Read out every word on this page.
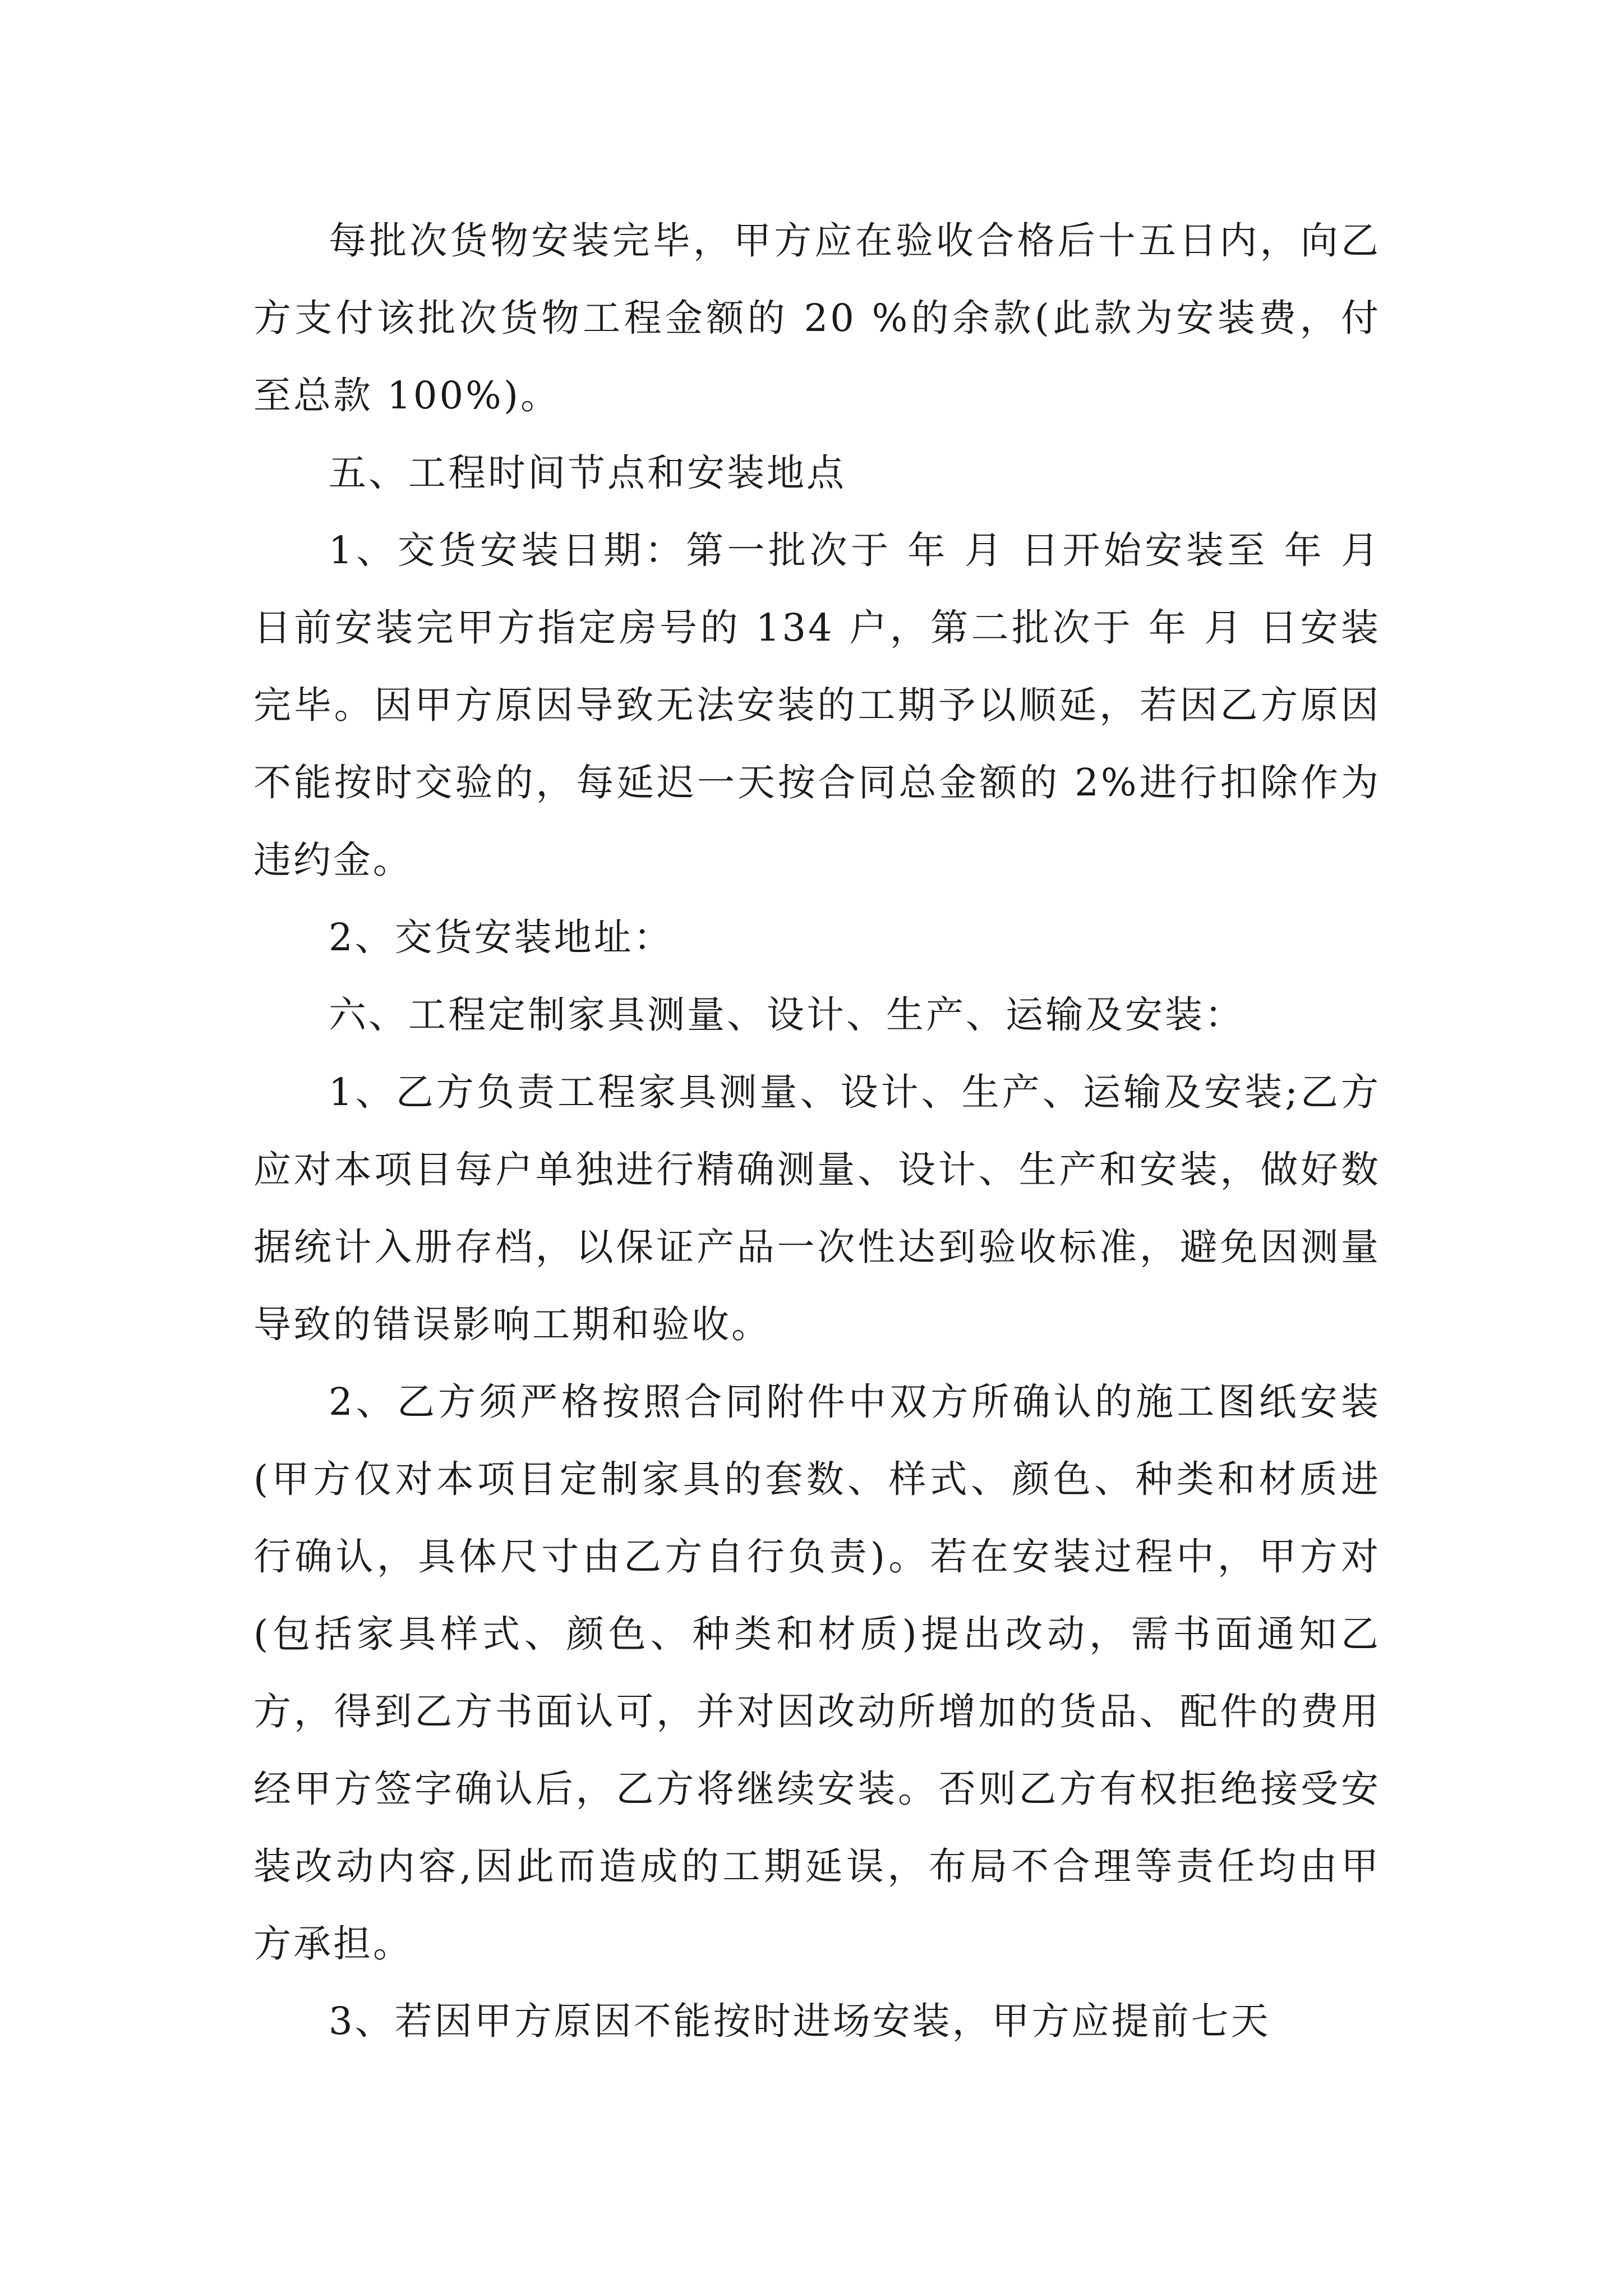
每批次货物安装完毕，甲方应在验收合格后十五日内，向乙方支付该批次货物工程金额的 20 %的余款(此款为安装费，付至总款 100%)。

五、工程时间节点和安装地点

1、交货安装日期：第一批次于 年 月 日开始安装至 年 月 日前安装完甲方指定房号的 134 户，第二批次于 年 月 日安装完毕。因甲方原因导致无法安装的工期予以顺延，若因乙方原因不能按时交验的，每延迟一天按合同总金额的 2%进行扣除作为违约金。

2、交货安装地址：

六、工程定制家具测量、设计、生产、运输及安装：

1、乙方负责工程家具测量、设计、生产、运输及安装;乙方应对本项目每户单独进行精确测量、设计、生产和安装，做好数据统计入册存档，以保证产品一次性达到验收标准，避免因测量导致的错误影响工期和验收。

2、乙方须严格按照合同附件中双方所确认的施工图纸安装(甲方仅对本项目定制家具的套数、样式、颜色、种类和材质进行确认，具体尺寸由乙方自行负责)。若在安装过程中，甲方对(包括家具样式、颜色、种类和材质)提出改动，需书面通知乙方，得到乙方书面认可，并对因改动所增加的货品、配件的费用经甲方签字确认后，乙方将继续安装。否则乙方有权拒绝接受安装改动内容,因此而造成的工期延误，布局不合理等责任均由甲方承担。

3、若因甲方原因不能按时进场安装，甲方应提前七天
